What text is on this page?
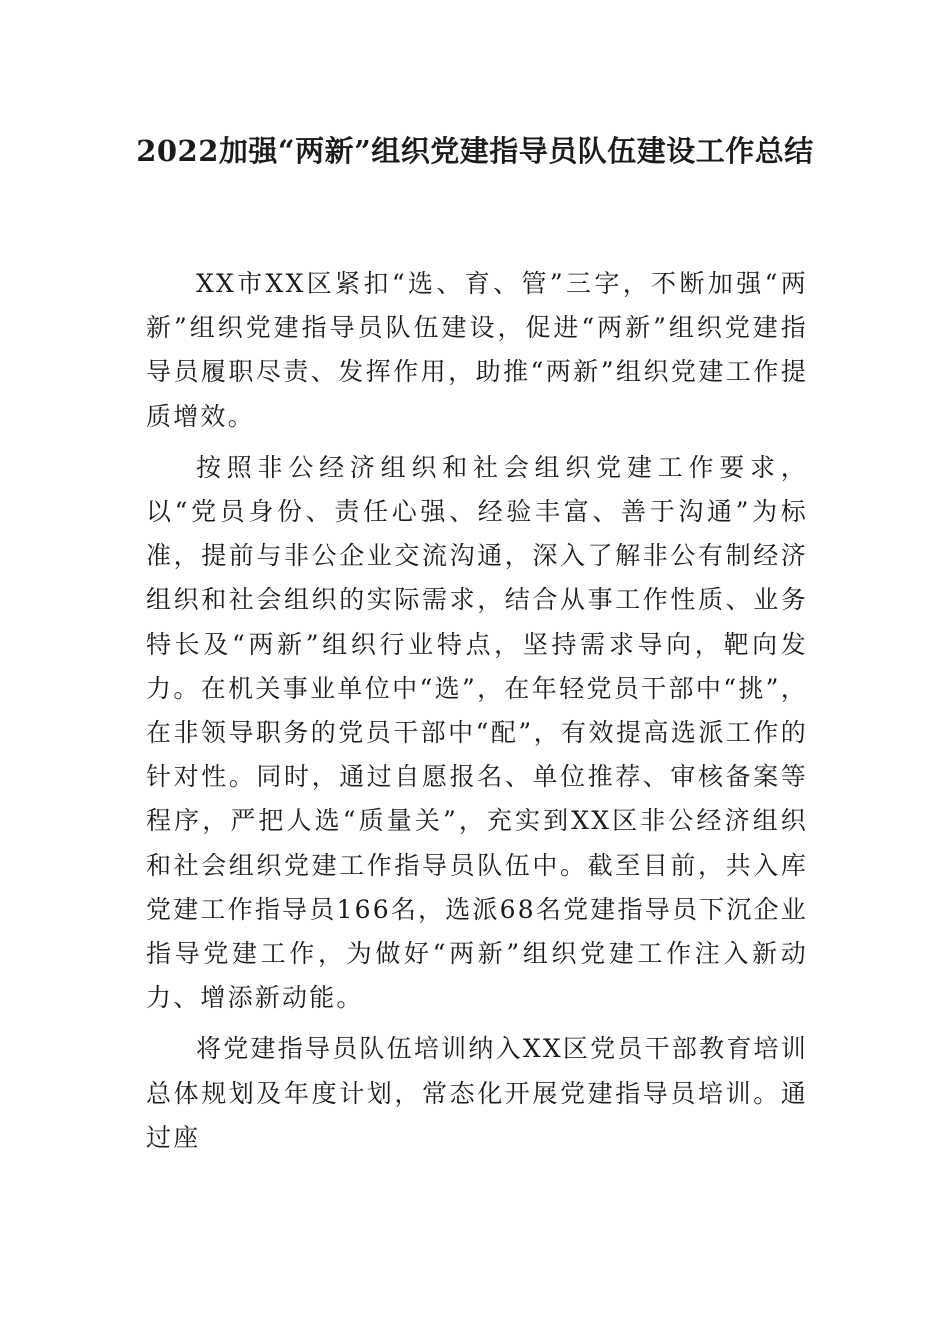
2022加强“两新”组织党建指导员队伍建设工作总结

XX市XX区紧扣“选、育、管”三字，不断加强“两新”组织党建指导员队伍建设，促进“两新”组织党建指导员履职尽责、发挥作用，助推“两新”组织党建工作提质增效。

按照非公经济组织和社会组织党建工作要求，以“党员身份、责任心强、经验丰富、善于沟通”为标准，提前与非公企业交流沟通，深入了解非公有制经济组织和社会组织的实际需求，结合从事工作性质、业务特长及“两新”组织行业特点，坚持需求导向，靶向发力。在机关事业单位中“选”，在年轻党员干部中“挑”，在非领导职务的党员干部中“配”，有效提高选派工作的针对性。同时，通过自愿报名、单位推荐、审核备案等程序，严把人选“质量关”，充实到XX区非公经济组织和社会组织党建工作指导员队伍中。截至目前，共入库党建工作指导员166名，选派68名党建指导员下沉企业指导党建工作，为做好“两新”组织党建工作注入新动力、增添新动能。

将党建指导员队伍培训纳入XX区党员干部教育培训总体规划及年度计划，常态化开展党建指导员培训。通过座
